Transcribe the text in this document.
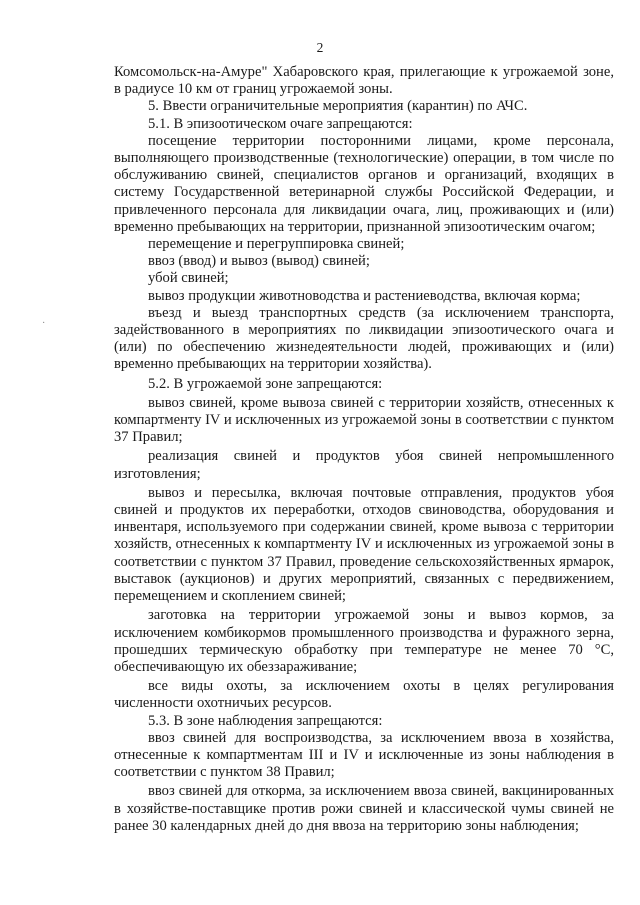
2
·

Комсомольск-на-Амуре" Хабаровского края, прилегающие к угрожаемой зоне, в радиусе 10 км от границ угрожаемой зоны.

5. Ввести ограничительные мероприятия (карантин) по АЧС.

5.1. В эпизоотическом очаге запрещаются:

посещение территории посторонними лицами, кроме персонала, выполняющего производственные (технологические) операции, в том числе по обслуживанию свиней, специалистов органов и организаций, входящих в систему Государственной ветеринарной службы Российской Федерации, и привлеченного персонала для ликвидации очага, лиц, проживающих и (или) временно пребывающих на территории, признанной эпизоотическим очагом;

перемещение и перегруппировка свиней;

ввоз (ввод) и вывоз (вывод) свиней;

убой свиней;

вывоз продукции животноводства и растениеводства, включая корма;

въезд и выезд транспортных средств (за исключением транспорта, задействованного в мероприятиях по ликвидации эпизоотического очага и (или) по обеспечению жизнедеятельности людей, проживающих и (или) временно пребывающих на территории хозяйства).

5.2. В угрожаемой зоне запрещаются:

вывоз свиней, кроме вывоза свиней с территории хозяйств, отнесенных к компартменту IV и исключенных из угрожаемой зоны в соответствии с пунктом 37 Правил;

реализация свиней и продуктов убоя свиней непромышленного изготовления;

вывоз и пересылка, включая почтовые отправления, продуктов убоя свиней и продуктов их переработки, отходов свиноводства, оборудования и инвентаря, используемого при содержании свиней, кроме вывоза с территории хозяйств, отнесенных к компартменту IV и исключенных из угрожаемой зоны в соответствии с пунктом 37 Правил, проведение сельскохозяйственных ярмарок, выставок (аукционов) и других мероприятий, связанных с передвижением, перемещением и скоплением свиней;

заготовка на территории угрожаемой зоны и вывоз кормов, за исключением комбикормов промышленного производства и фуражного зерна, прошедших термическую обработку при температуре не менее 70 °С, обеспечивающую их обеззараживание;

все виды охоты, за исключением охоты в целях регулирования численности охотничьих ресурсов.

5.3. В зоне наблюдения запрещаются:

ввоз свиней для воспроизводства, за исключением ввоза в хозяйства, отнесенные к компартментам III и IV и исключенные из зоны наблюдения в соответствии с пунктом 38 Правил;

ввоз свиней для откорма, за исключением ввоза свиней, вакцинированных в хозяйстве-поставщике против рожи свиней и классической чумы свиней не ранее 30 календарных дней до дня ввоза на территорию зоны наблюдения;
